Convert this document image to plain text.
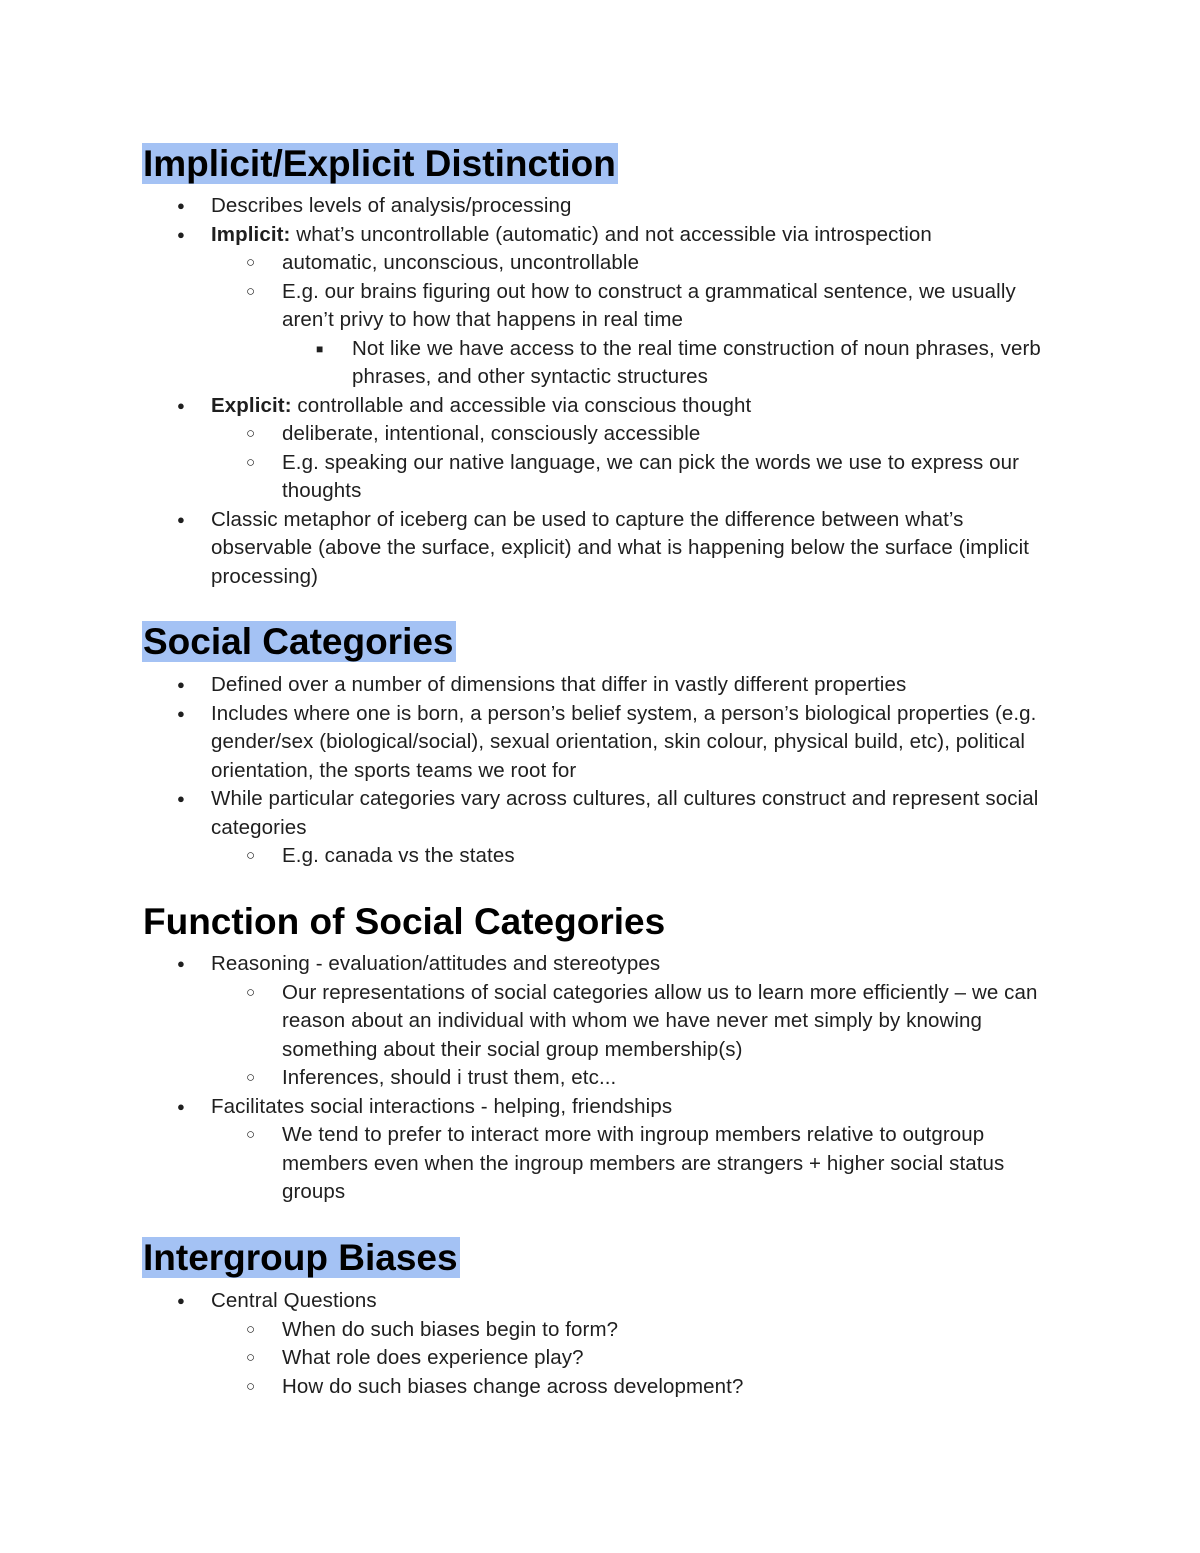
Implicit/Explicit Distinction
● Describes levels of analysis/processing
● Implicit: what’s uncontrollable (automatic) and not accessible via introspection
○ automatic, unconscious, uncontrollable
○ E.g. our brains figuring out how to construct a grammatical sentence, we usually aren’t privy to how that happens in real time
■ Not like we have access to the real time construction of noun phrases, verb phrases, and other syntactic structures
● Explicit: controllable and accessible via conscious thought
○ deliberate, intentional, consciously accessible
○ E.g. speaking our native language, we can pick the words we use to express our thoughts
● Classic metaphor of iceberg can be used to capture the difference between what’s observable (above the surface, explicit) and what is happening below the surface (implicit processing)
Social Categories
● Defined over a number of dimensions that differ in vastly different properties
● Includes where one is born, a person’s belief system, a person’s biological properties (e.g. gender/sex (biological/social), sexual orientation, skin colour, physical build, etc), political orientation, the sports teams we root for
● While particular categories vary across cultures, all cultures construct and represent social categories
○ E.g. canada vs the states
Function of Social Categories
● Reasoning - evaluation/attitudes and stereotypes
○ Our representations of social categories allow us to learn more efficiently – we can reason about an individual with whom we have never met simply by knowing something about their social group membership(s)
○ Inferences, should i trust them, etc...
● Facilitates social interactions - helping, friendships
○ We tend to prefer to interact more with ingroup members relative to outgroup members even when the ingroup members are strangers + higher social status groups
Intergroup Biases
● Central Questions
○ When do such biases begin to form?
○ What role does experience play?
○ How do such biases change across development?
